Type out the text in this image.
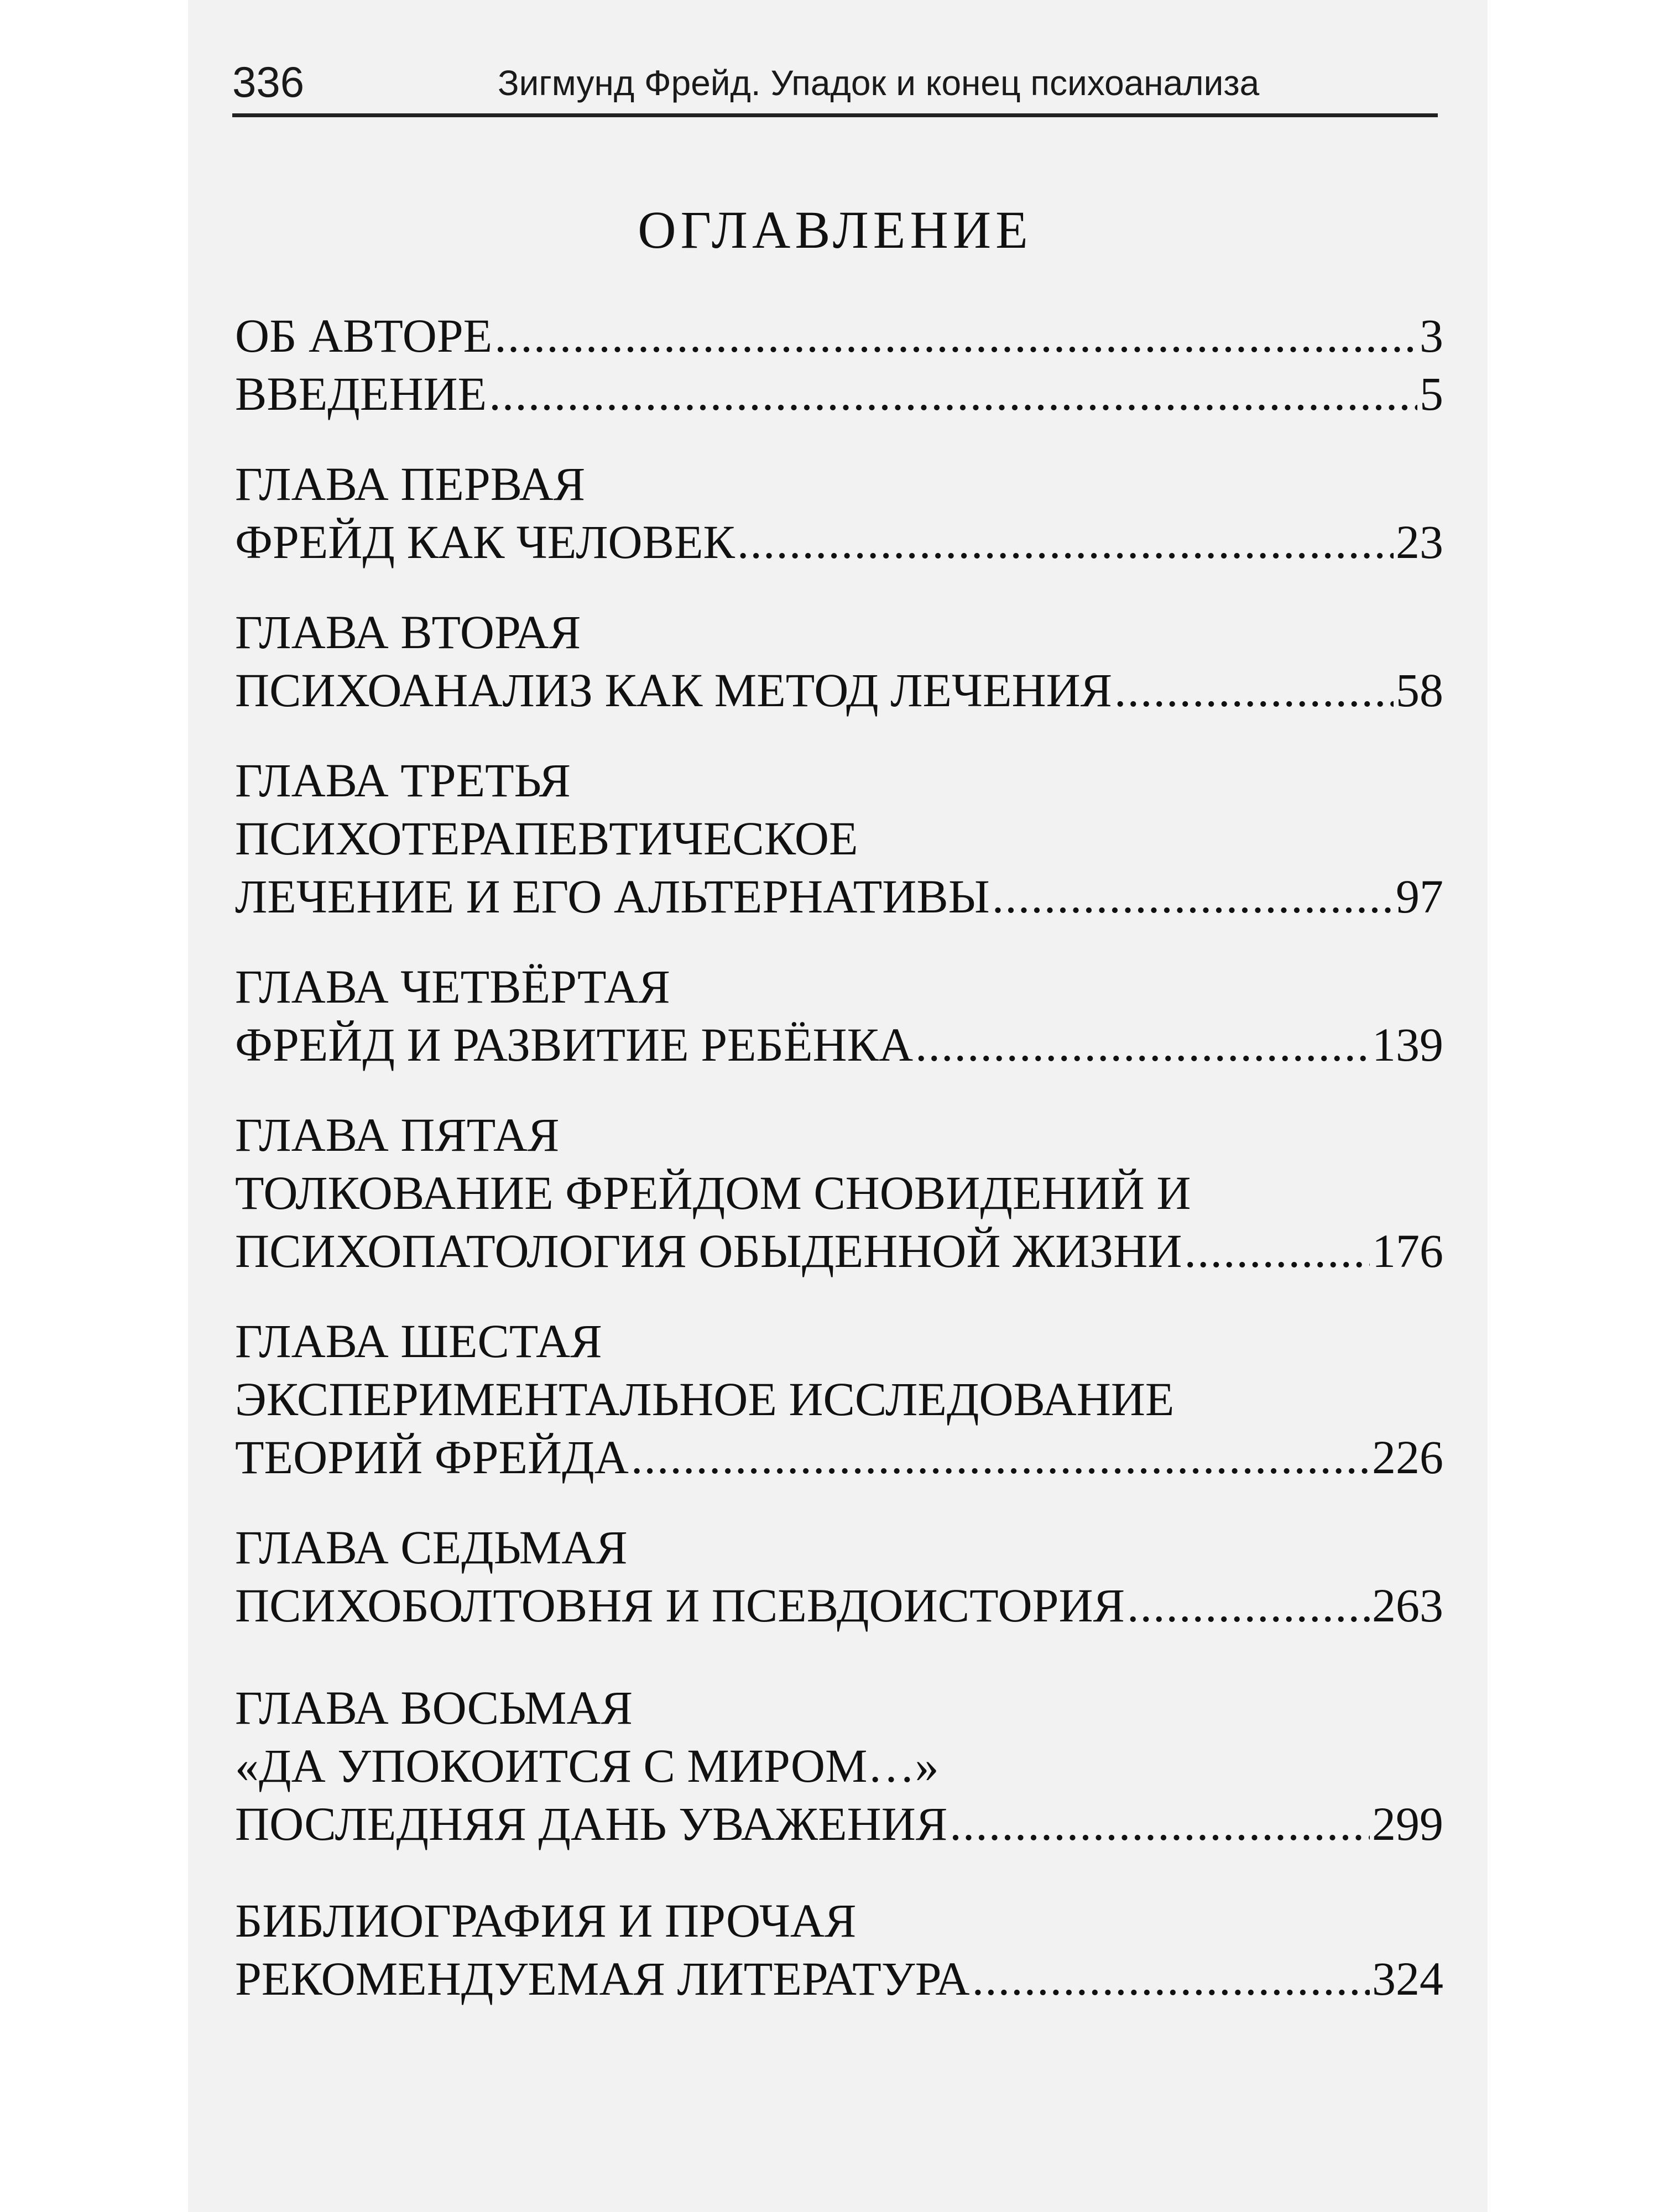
336	Зигмунд Фрейд. Упадок и конец психоанализа
ОГЛАВЛЕНИЕ
ОБ АВТОРЕ .....	3
ВВЕДЕНИЕ .....	5
ГЛАВА ПЕРВАЯ
ФРЕЙД КАК ЧЕЛОВЕК .....	23
ГЛАВА ВТОРАЯ
ПСИХОАНАЛИЗ КАК МЕТОД ЛЕЧЕНИЯ .....	58
ГЛАВА ТРЕТЬЯ
ПСИХОТЕРАПЕВТИЧЕСКОЕ
ЛЕЧЕНИЕ И ЕГО АЛЬТЕРНАТИВЫ .....	97
ГЛАВА ЧЕТВЁРТАЯ
ФРЕЙД И РАЗВИТИЕ РЕБЁНКА .....	139
ГЛАВА ПЯТАЯ
ТОЛКОВАНИЕ ФРЕЙДОМ СНОВИДЕНИЙ И
ПСИХОПАТОЛОГИЯ ОБЫДЕННОЙ ЖИЗНИ .....	176
ГЛАВА ШЕСТАЯ
ЭКСПЕРИМЕНТАЛЬНОЕ ИССЛЕДОВАНИЕ
ТЕОРИЙ ФРЕЙДА .....	226
ГЛАВА СЕДЬМАЯ
ПСИХОБОЛТОВНЯ И ПСЕВДОИСТОРИЯ .....	263
ГЛАВА ВОСЬМАЯ
«ДА УПОКОИТСЯ С МИРОМ…»
ПОСЛЕДНЯЯ ДАНЬ УВАЖЕНИЯ .....	299
БИБЛИОГРАФИЯ И ПРОЧАЯ
РЕКОМЕНДУЕМАЯ ЛИТЕРАТУРА .....	324
